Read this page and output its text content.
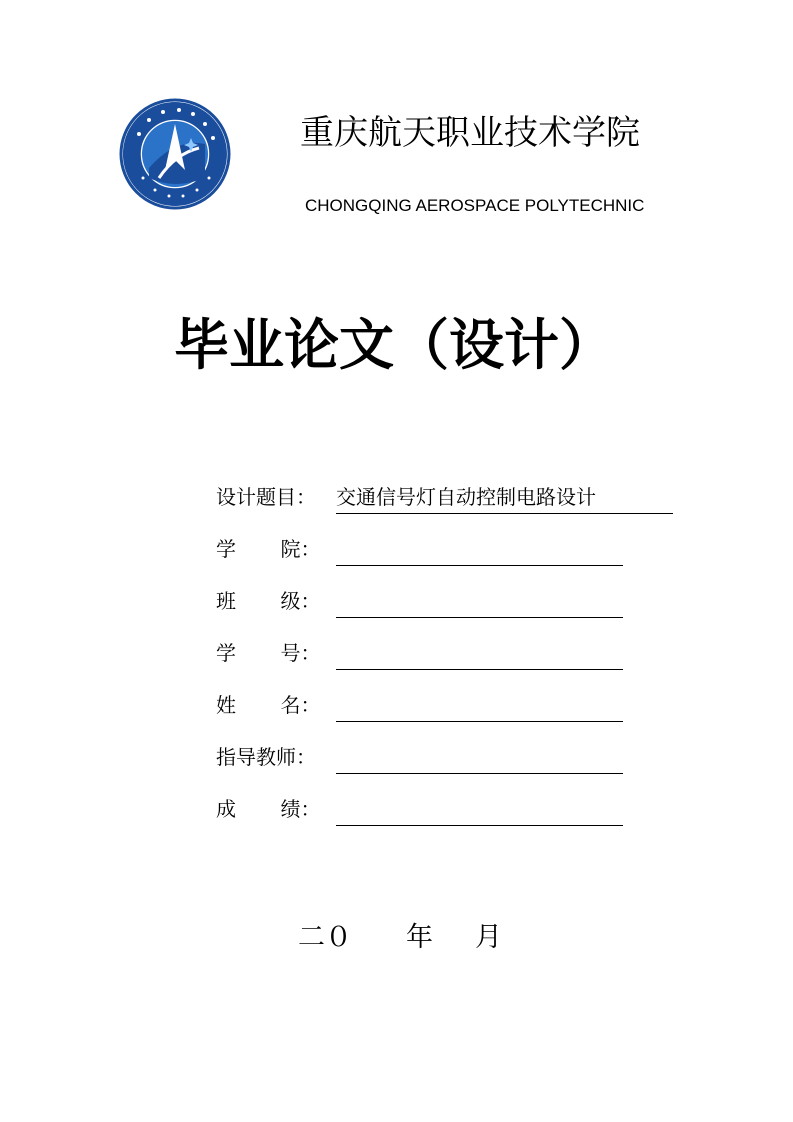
重庆航天职业技术学院
CHONGQING AEROSPACE POLYTECHNIC
毕业论文（设计）
设计题目： 交通信号灯自动控制电路设计
学       院：
班       级：
学       号：
姓       名：
指导教师：
成       绩：
二０ 年 月
